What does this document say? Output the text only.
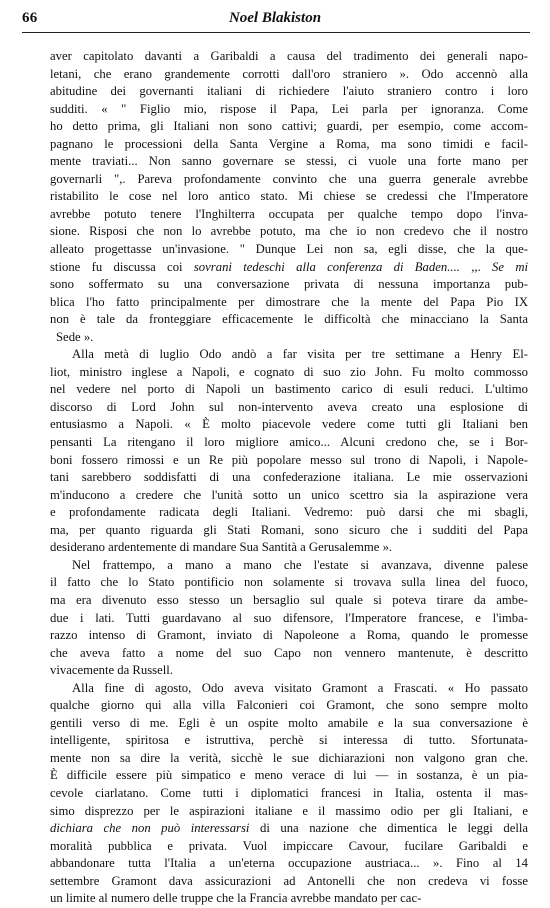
66	Noel Blakiston
aver capitolato davanti a Garibaldi a causa del tradimento dei generali napo-
letani, che erano grandemente corrotti dall'oro straniero ». Odo accennò alla
abitudine dei governanti italiani di richiedere l'aiuto straniero contro i loro
sudditi. « " Figlio mio, rispose il Papa, Lei parla per ignoranza. Come
ho detto prima, gli Italiani non sono cattivi; guardi, per esempio, come accom-
pagnano le processioni della Santa Vergine a Roma, ma sono timidi e facil-
mente traviati... Non sanno governare se stessi, ci vuole una forte mano per
governarli ",. Pareva profondamente convinto che una guerra generale avrebbe
ristabilito le cose nel loro antico stato. Mi chiese se credessi che l'Imperatore
avrebbe potuto tenere l'Inghilterra occupata per qualche tempo dopo l'inva-
sione. Risposi che non lo avrebbe potuto, ma che io non credevo che il nostro
alleato progettasse un'invasione. " Dunque Lei non sa, egli disse, che la que-
stione fu discussa coi sovrani tedeschi alla conferenza di Baden.... ,,. Se mi
sono soffermato su una conversazione privata di nessuna importanza pub-
blica l'ho fatto principalmente per dimostrare che la mente del Papa Pio IX
non è tale da fronteggiare efficacemente le difficoltà che minacciano la Santa
Sede ».
Alla metà di luglio Odo andò a far visita per tre settimane a Henry El-
liot, ministro inglese a Napoli, e cognato di suo zio John. Fu molto commosso
nel vedere nel porto di Napoli un bastimento carico di esuli reduci. L'ultimo
discorso di Lord John sul non-intervento aveva creato una esplosione di
entusiasmo a Napoli. « È molto piacevole vedere come tutti gli Italiani ben
pensanti La ritengano il loro migliore amico... Alcuni credono che, se i Bor-
boni fossero rimossi e un Re più popolare messo sul trono di Napoli, i Napole-
tani sarebbero soddisfatti di una confederazione italiana. Le mie osservazioni
m'inducono a credere che l'unità sotto un unico scettro sia la aspirazione vera
e profondamente radicata degli Italiani. Vedremo: può darsi che mi sbagli,
ma, per quanto riguarda gli Stati Romani, sono sicuro che i sudditi del Papa
desiderano ardentemente di mandare Sua Santità a Gerusalemme ».
Nel frattempo, a mano a mano che l'estate si avanzava, divenne palese
il fatto che lo Stato pontificio non solamente si trovava sulla linea del fuoco,
ma era divenuto esso stesso un bersaglio sul quale si poteva tirare da ambe-
due i lati. Tutti guardavano al suo difensore, l'Imperatore francese, e l'imba-
razzo intenso di Gramont, inviato di Napoleone a Roma, quando le promesse
che aveva fatto a nome del suo Capo non vennero mantenute, è descritto
vivacemente da Russell.
Alla fine di agosto, Odo aveva visitato Gramont a Frascati. « Ho passato
qualche giorno qui alla villa Falconieri coi Gramont, che sono sempre molto
gentili verso di me. Egli è un ospite molto amabile e la sua conversazione è
intelligente, spiritosa e istruttiva, perchè si interessa di tutto. Sfortunata-
mente non sa dire la verità, sicchè le sue dichiarazioni non valgono gran che.
È difficile essere più simpatico e meno verace di lui — in sostanza, è un pia-
cevole ciarlatano. Come tutti i diplomatici francesi in Italia, ostenta il mas-
simo disprezzo per le aspirazioni italiane e il massimo odio per gli Italiani, e
dichiara che non può interessarsi di una nazione che dimentica le leggi della
moralità pubblica e privata. Vuol impiccare Cavour, fucilare Garibaldi e
abbandonare tutta l'Italia a un'eterna occupazione austriaca... ». Fino al 14
settembre Gramont dava assicurazioni ad Antonelli che non credeva vi fosse
un limite al numero delle truppe che la Francia avrebbe mandato per cac-
